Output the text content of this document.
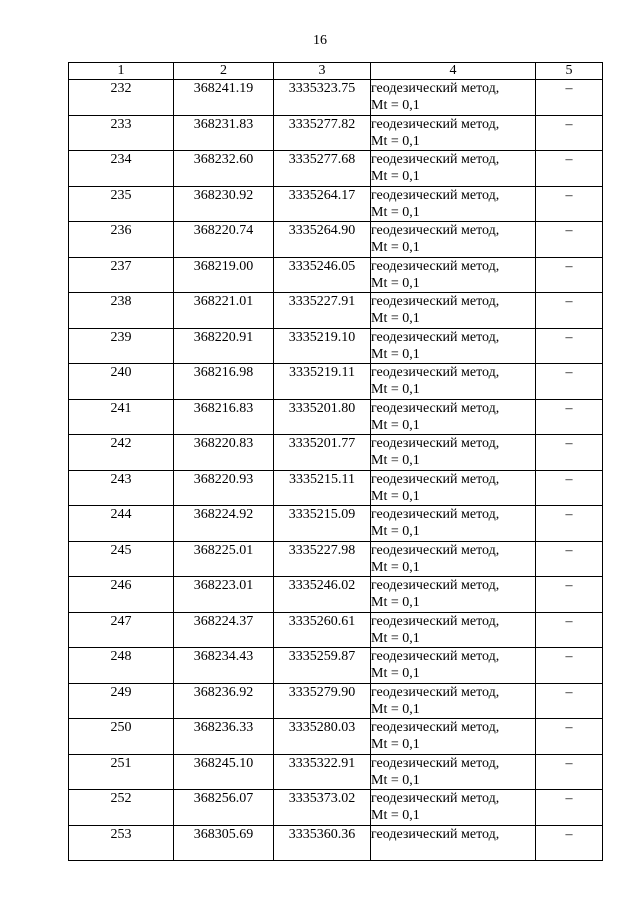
16
1	2	3	4	5
232	368241.19	3335323.75	геодезический метод,
Mt = 0,1	–
233	368231.83	3335277.82	геодезический метод,
Mt = 0,1	–
234	368232.60	3335277.68	геодезический метод,
Mt = 0,1	–
235	368230.92	3335264.17	геодезический метод,
Mt = 0,1	–
236	368220.74	3335264.90	геодезический метод,
Mt = 0,1	–
237	368219.00	3335246.05	геодезический метод,
Mt = 0,1	–
238	368221.01	3335227.91	геодезический метод,
Mt = 0,1	–
239	368220.91	3335219.10	геодезический метод,
Mt = 0,1	–
240	368216.98	3335219.11	геодезический метод,
Mt = 0,1	–
241	368216.83	3335201.80	геодезический метод,
Mt = 0,1	–
242	368220.83	3335201.77	геодезический метод,
Mt = 0,1	–
243	368220.93	3335215.11	геодезический метод,
Mt = 0,1	–
244	368224.92	3335215.09	геодезический метод,
Mt = 0,1	–
245	368225.01	3335227.98	геодезический метод,
Mt = 0,1	–
246	368223.01	3335246.02	геодезический метод,
Mt = 0,1	–
247	368224.37	3335260.61	геодезический метод,
Mt = 0,1	–
248	368234.43	3335259.87	геодезический метод,
Mt = 0,1	–
249	368236.92	3335279.90	геодезический метод,
Mt = 0,1	–
250	368236.33	3335280.03	геодезический метод,
Mt = 0,1	–
251	368245.10	3335322.91	геодезический метод,
Mt = 0,1	–
252	368256.07	3335373.02	геодезический метод,
Mt = 0,1	–
253	368305.69	3335360.36	геодезический метод,	–
